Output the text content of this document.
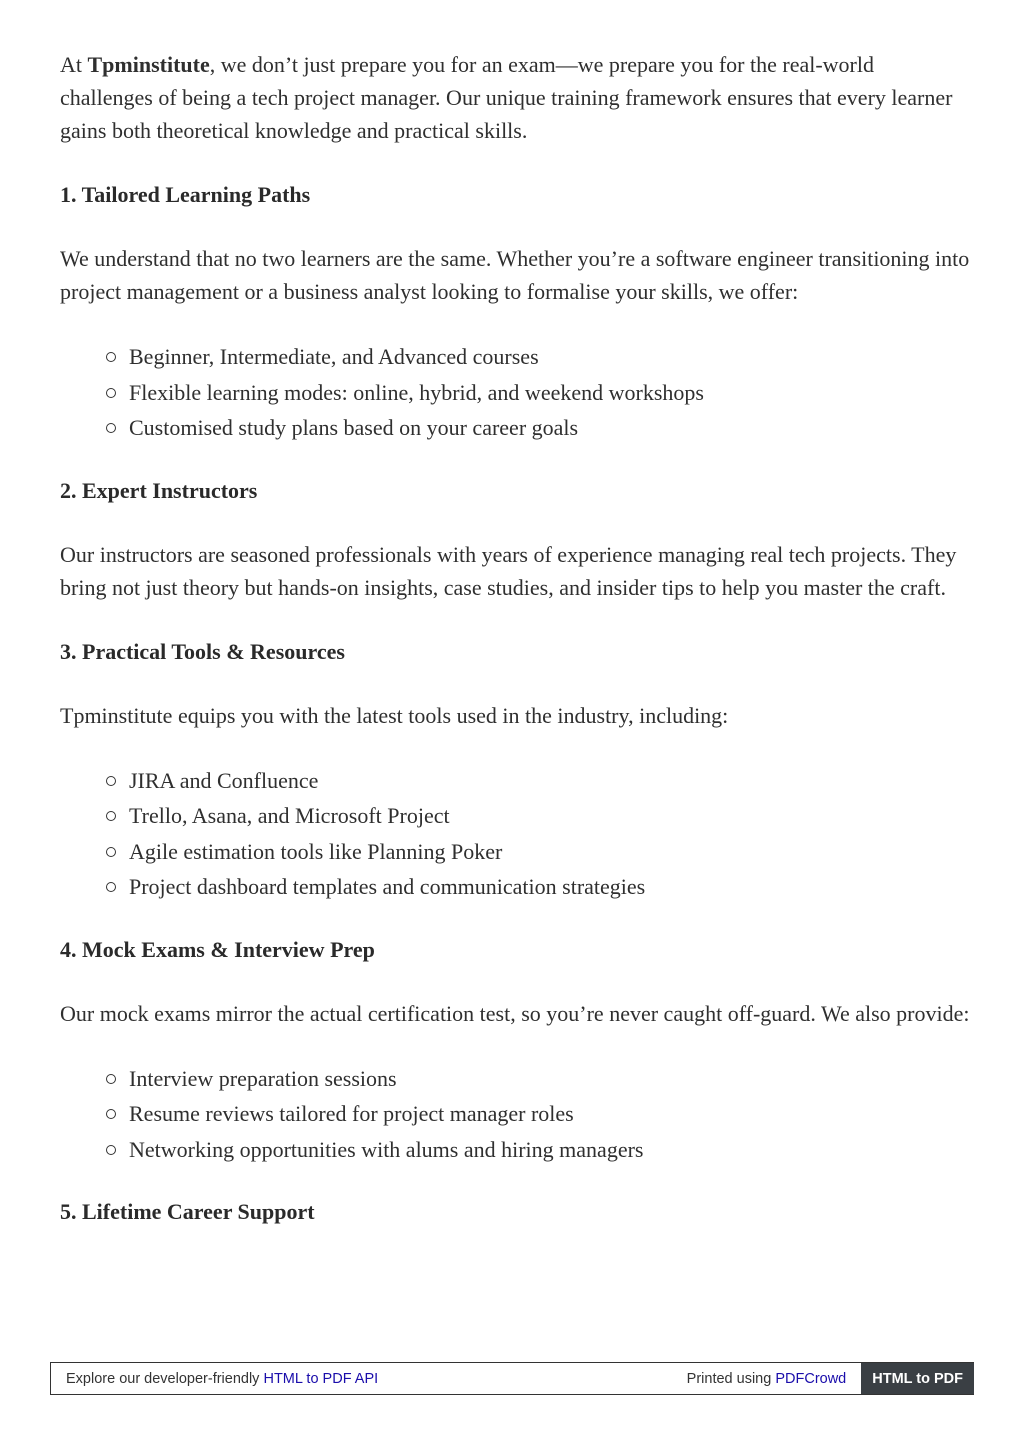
At Tpminstitute, we don’t just prepare you for an exam—we prepare you for the real-world challenges of being a tech project manager. Our unique training framework ensures that every learner gains both theoretical knowledge and practical skills.

1. Tailored Learning Paths

We understand that no two learners are the same. Whether you’re a software engineer transitioning into project management or a business analyst looking to formalise your skills, we offer:

Beginner, Intermediate, and Advanced courses
Flexible learning modes: online, hybrid, and weekend workshops
Customised study plans based on your career goals
2. Expert Instructors

Our instructors are seasoned professionals with years of experience managing real tech projects. They bring not just theory but hands-on insights, case studies, and insider tips to help you master the craft.

3. Practical Tools & Resources

Tpminstitute equips you with the latest tools used in the industry, including:

JIRA and Confluence
Trello, Asana, and Microsoft Project
Agile estimation tools like Planning Poker
Project dashboard templates and communication strategies
4. Mock Exams & Interview Prep

Our mock exams mirror the actual certification test, so you’re never caught off-guard. We also provide:

Interview preparation sessions
Resume reviews tailored for project manager roles
Networking opportunities with alums and hiring managers
5. Lifetime Career Support
Explore our developer-friendly HTML to PDF API	Printed using PDFCrowd	HTML to PDF
